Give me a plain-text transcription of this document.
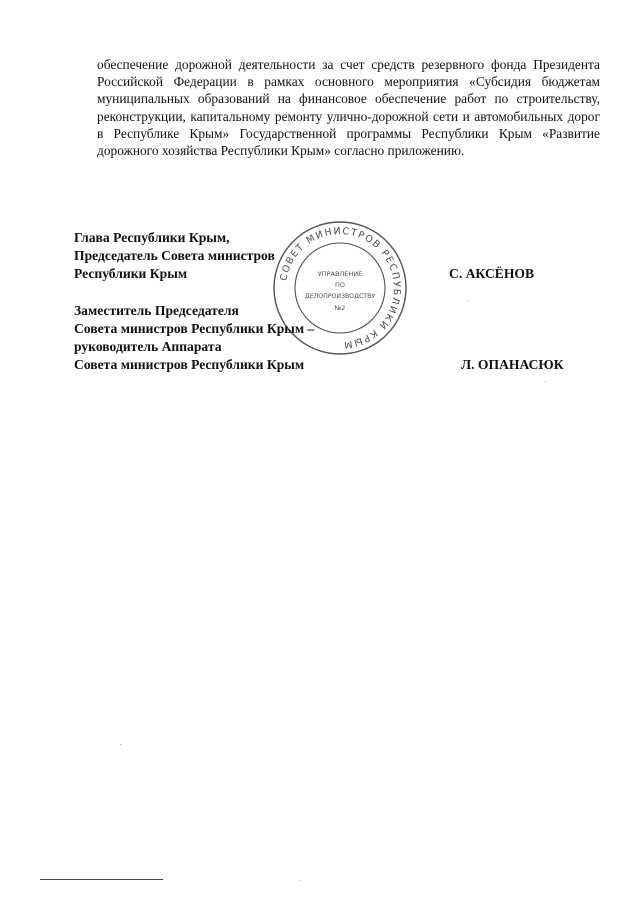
обеспечение дорожной деятельности за счет средств резервного фонда Президента Российской Федерации в рамках основного мероприятия «Субсидия бюджетам муниципальных образований на финансовое обеспечение работ по строительству, реконструкции, капитальному ремонту улично-дорожной сети и автомобильных дорог в Республике Крым» Государственной программы Республики Крым «Развитие дорожного хозяйства Республики Крым» согласно приложению.

СОВЕТ МИНИСТРОВ РЕСПУБЛИКИ КРЫМ
УПРАВЛЕНИЕ
ПО
ДЕЛОПРОИЗВОДСТВУ
№2
Глава Республики Крым,
Председатель Совета министров
Республики Крым	С. АКСЁНОВ
Заместитель Председателя
Совета министров Республики Крым –
руководитель Аппарата
Совета министров Республики Крым	Л. ОПАНАСЮК
